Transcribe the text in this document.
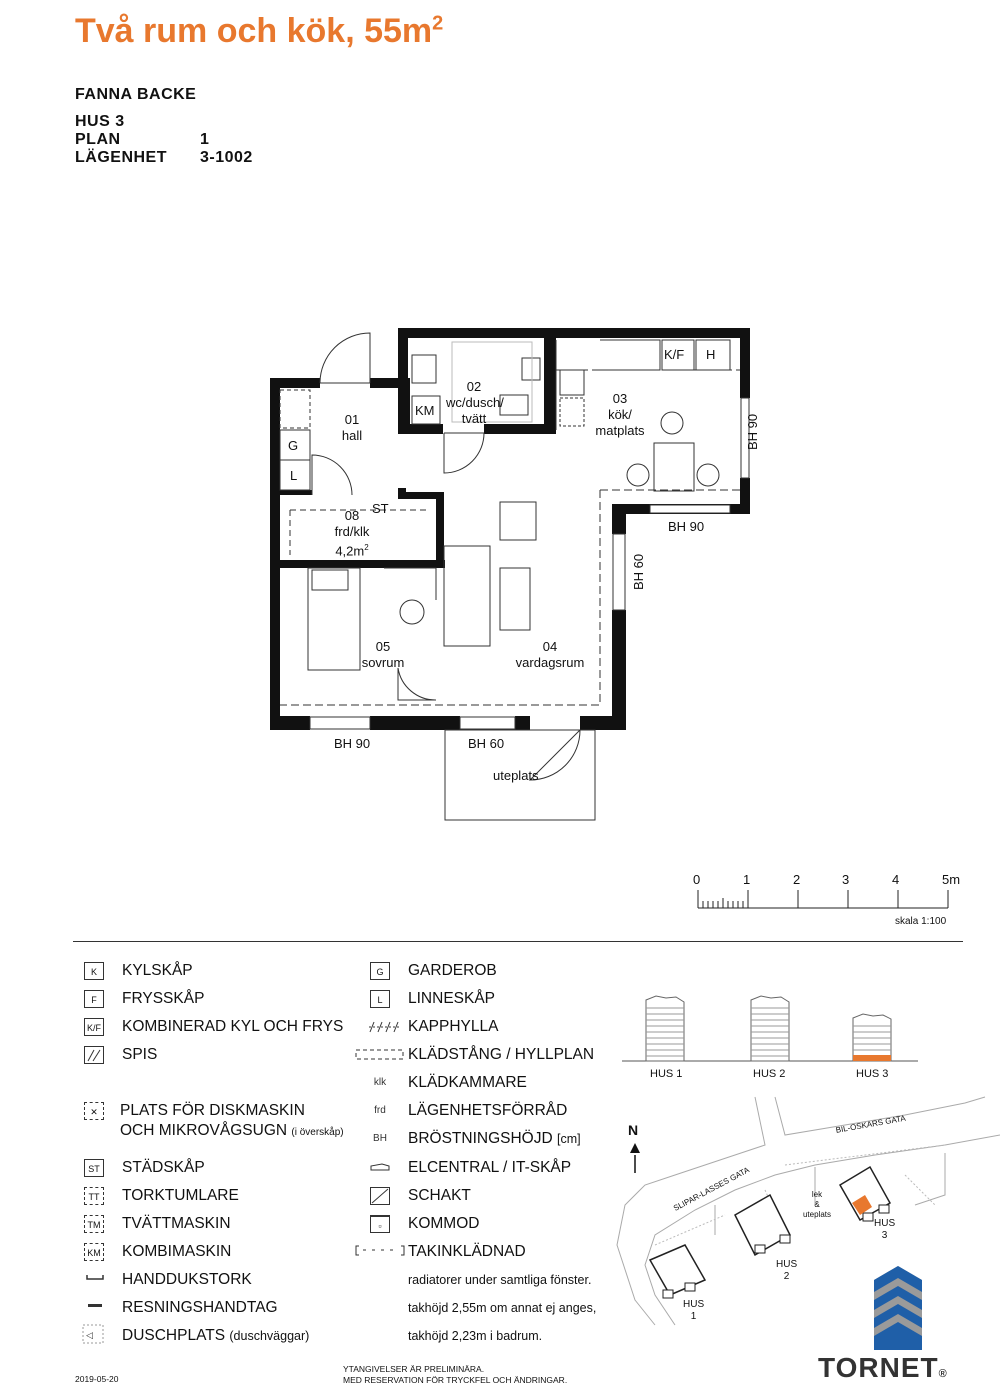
Två rum och kök, $55m^2$
FANNA BACKE
HUS 3
PLAN	1
LÄGENHET 3-1002
01
hall
02
wc/dusch/
tvätt
03
kök/
matplats
04
vardagsrum
05
sovrum
08
frd/klk
$4,2m^2$
K/F H
KM
G
L
ST
uteplats
BH 90
BH 90
BH 60
BH 90	BH 60
0	1	2	3	4	5m
skala 1:100
K	KYLSKÅP
F	FRYSSKÅP
K/F KOMBINERAD KYL OCH FRYS
SPIS
✕	PLATS FÖR DISKMASKIN
OCH MIKROVÅGSUGN (i överskåp)
ST STÄDSKÅP
TT TORKTUMLARE
TM TVÄTTMASKIN
KM KOMBIMASKIN
HANDDUKSTORK
RESNINGSHANDTAG
◁ DUSCHPLATS (duschväggar)
G	GARDEROB
L	LINNESKÅP
KAPPHYLLA
KLÄDSTÅNG / HYLLPLAN
klk	KLÄDKAMMARE
frd	LÄGENHETSFÖRRÅD
BH	BRÖSTNINGSHÖJD [cm]
ELCENTRAL / IT-SKÅP
SCHAKT
▫	KOMMOD
TAKINKLÄDNAD
radiatorer under samtliga fönster.
takhöjd 2,55m om annat ej anges,
takhöjd 2,23m i badrum.
HUS 1	HUS 2	HUS 3
N	BIL-OSKARS GATA
SLIPAR-LASSES GATA	lek
&
uteplats
HUS
1
HUS
2
HUS
3
TORNET®
2019-05-20
YTANGIVELSER ÄR PRELIMINÄRA.
MED RESERVATION FÖR TRYCKFEL OCH ÄNDRINGAR.
